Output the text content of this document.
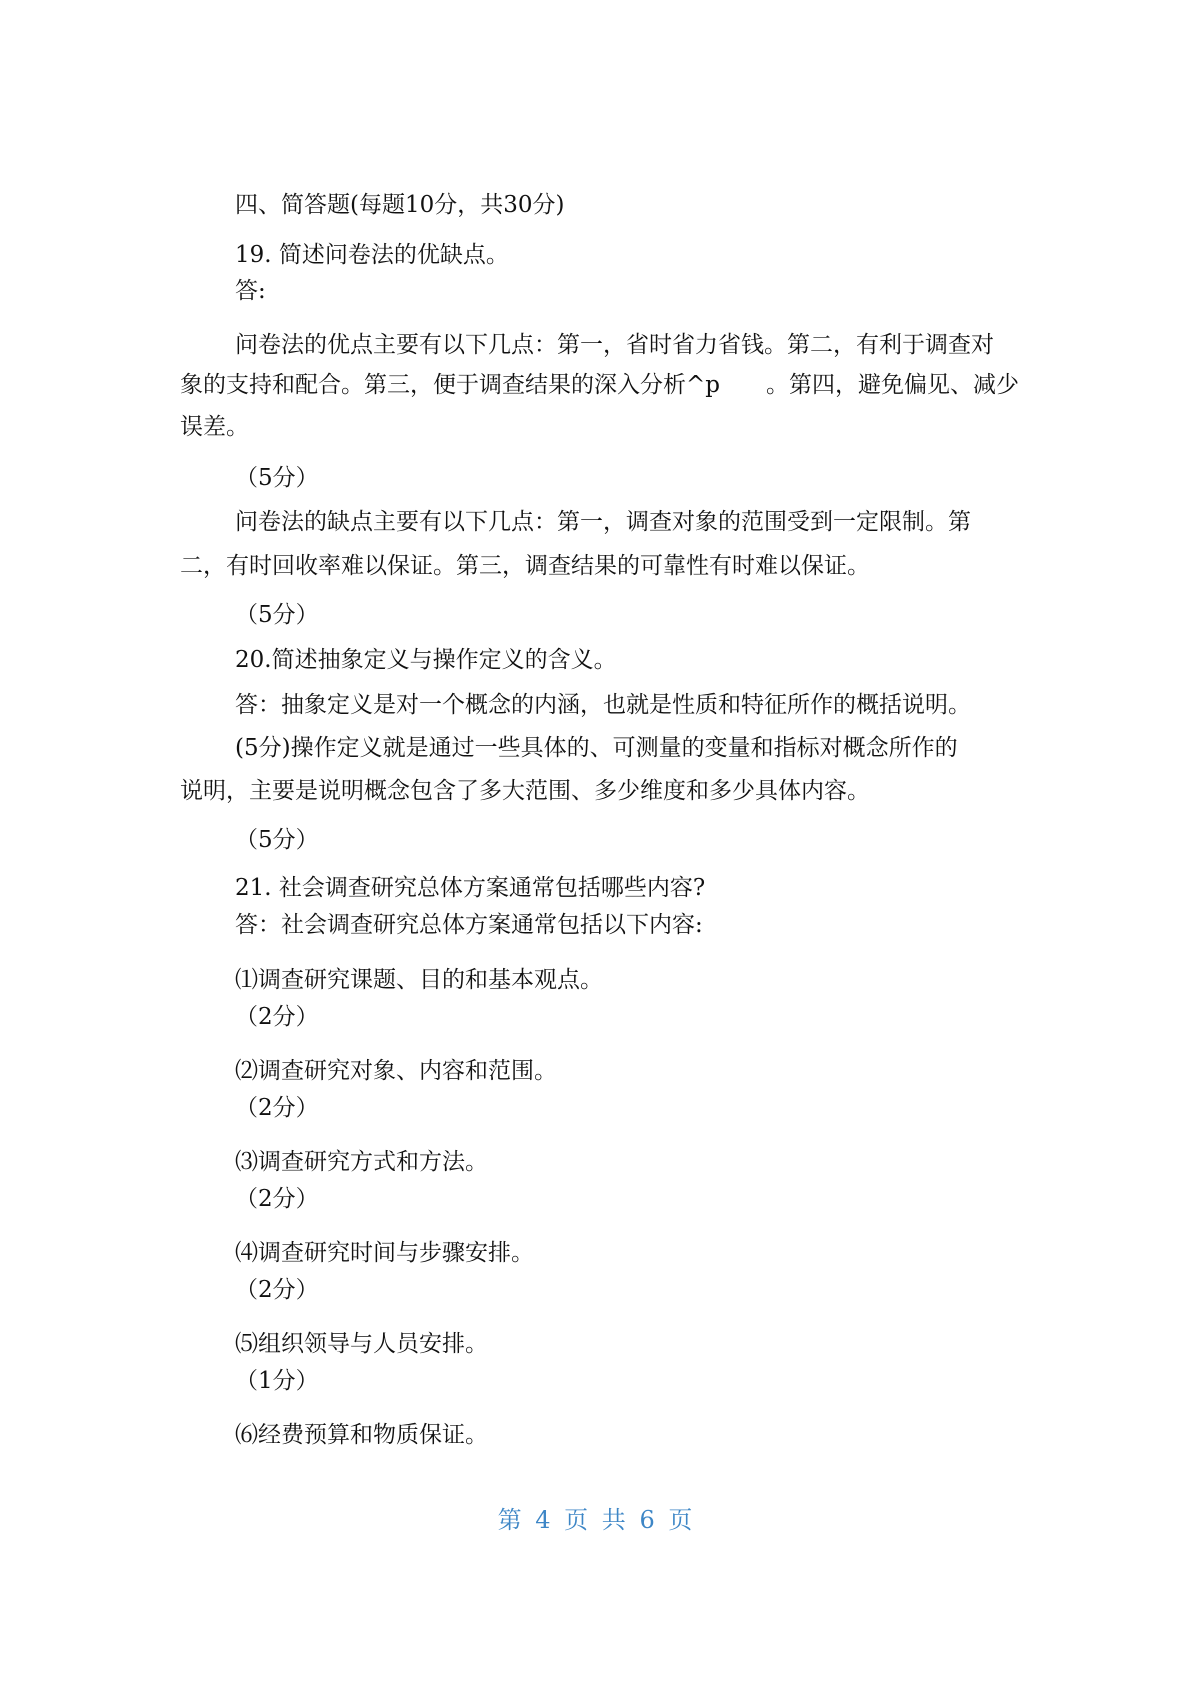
四、简答题(每题10分，共30分)

19. 简述问卷法的优缺点。

答:

问卷法的优点主要有以下几点：第一，省时省力省钱。第二，有利于调查对

象的支持和配合。第三，便于调查结果的深入分析^p　　。第四，避免偏见、减少

误差。

（5分）

问卷法的缺点主要有以下几点：第一，调查对象的范围受到一定限制。第

二，有时回收率难以保证。第三，调查结果的可靠性有时难以保证。

（5分）

20.简述抽象定义与操作定义的含义。

答：抽象定义是对一个概念的内涵，也就是性质和特征所作的概括说明。

(5分)操作定义就是通过一些具体的、可测量的变量和指标对概念所作的

说明，主要是说明概念包含了多大范围、多少维度和多少具体内容。

（5分）

21. 社会调查研究总体方案通常包括哪些内容?

答：社会调查研究总体方案通常包括以下内容:

⑴调查研究课题、目的和基本观点。

（2分）

⑵调查研究对象、内容和范围。

（2分）

⑶调查研究方式和方法。

（2分）

⑷调查研究时间与步骤安排。

（2分）

⑸组织领导与人员安排。

（1分）

⑹经费预算和物质保证。

第 4 页 共 6 页
